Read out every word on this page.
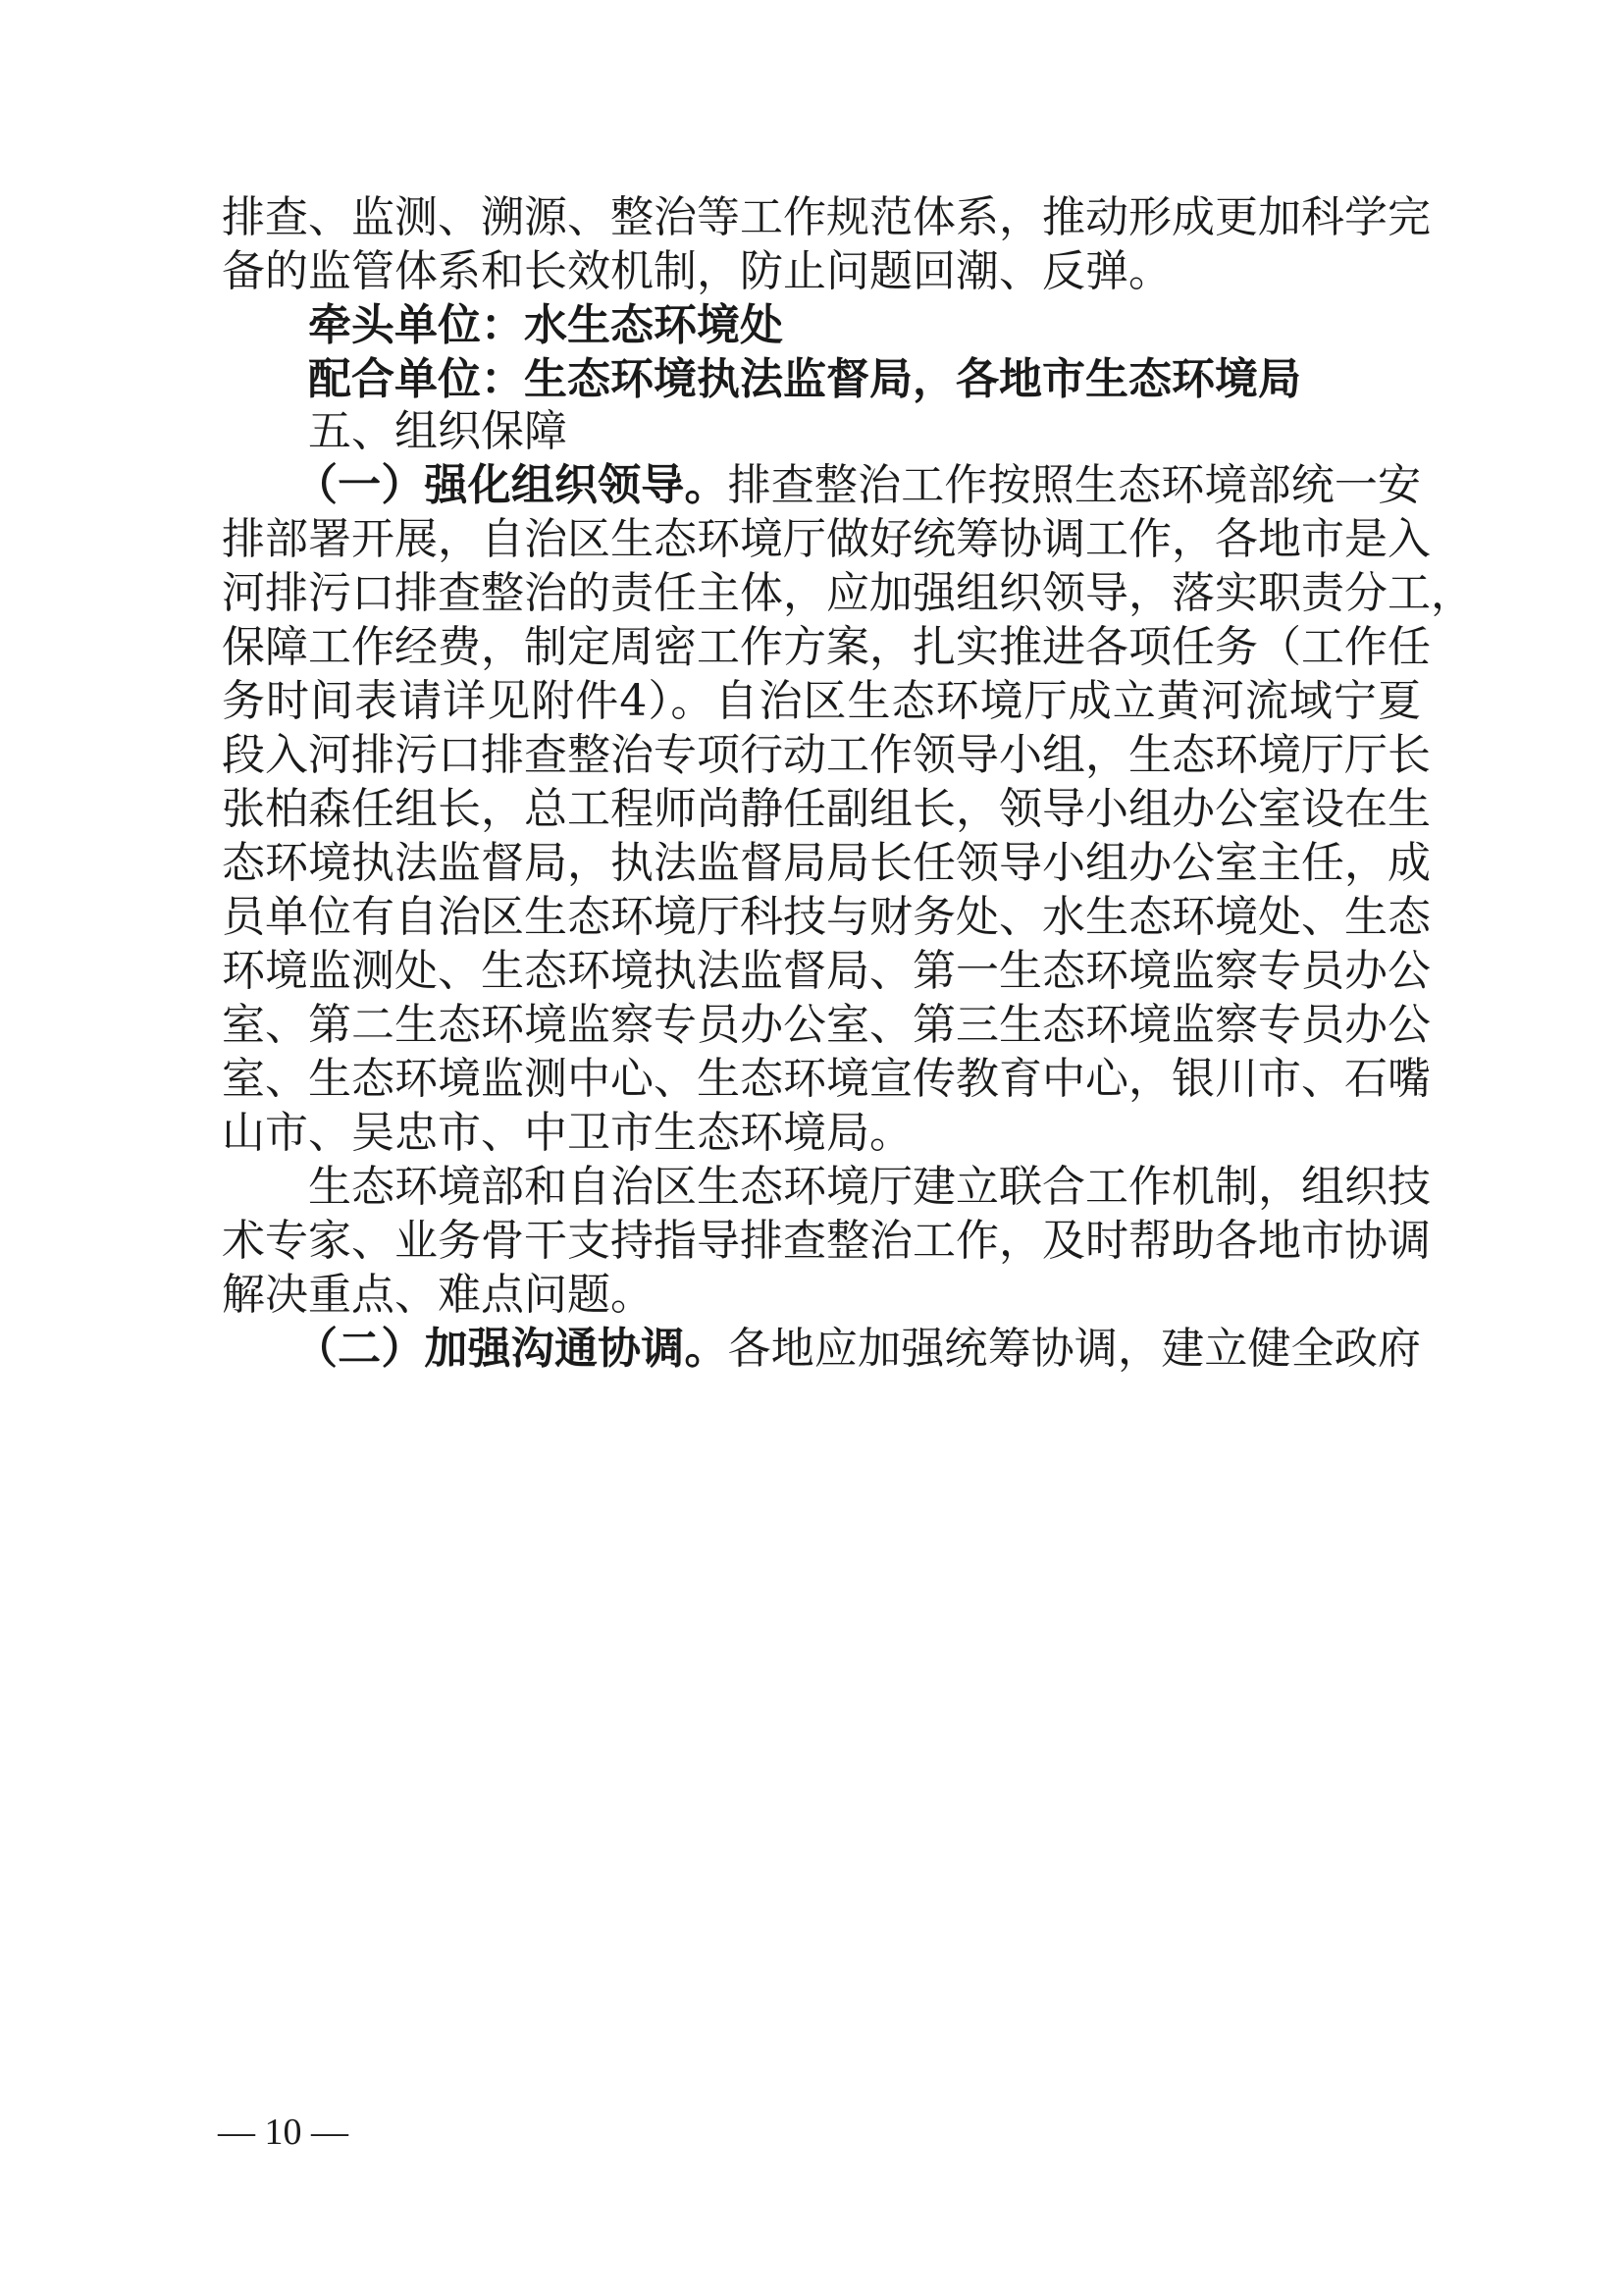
排查、监测、溯源、整治等工作规范体系，推动形成更加科学完
备的监管体系和长效机制，防止问题回潮、反弹。
牵头单位：水生态环境处
配合单位：生态环境执法监督局，各地市生态环境局
五、组织保障
（一）强化组织领导。排查整治工作按照生态环境部统一安
排部署开展，自治区生态环境厅做好统筹协调工作，各地市是入
河排污口排查整治的责任主体，应加强组织领导，落实职责分工，
保障工作经费，制定周密工作方案，扎实推进各项任务（工作任
务时间表请详见附件4）。自治区生态环境厅成立黄河流域宁夏
段入河排污口排查整治专项行动工作领导小组，生态环境厅厅长
张柏森任组长，总工程师尚静任副组长，领导小组办公室设在生
态环境执法监督局，执法监督局局长任领导小组办公室主任，成
员单位有自治区生态环境厅科技与财务处、水生态环境处、生态
环境监测处、生态环境执法监督局、第一生态环境监察专员办公
室、第二生态环境监察专员办公室、第三生态环境监察专员办公
室、生态环境监测中心、生态环境宣传教育中心，银川市、石嘴
山市、吴忠市、中卫市生态环境局。
生态环境部和自治区生态环境厅建立联合工作机制，组织技
术专家、业务骨干支持指导排查整治工作，及时帮助各地市协调
解决重点、难点问题。
（二）加强沟通协调。各地应加强统筹协调，建立健全政府
— 10 —
